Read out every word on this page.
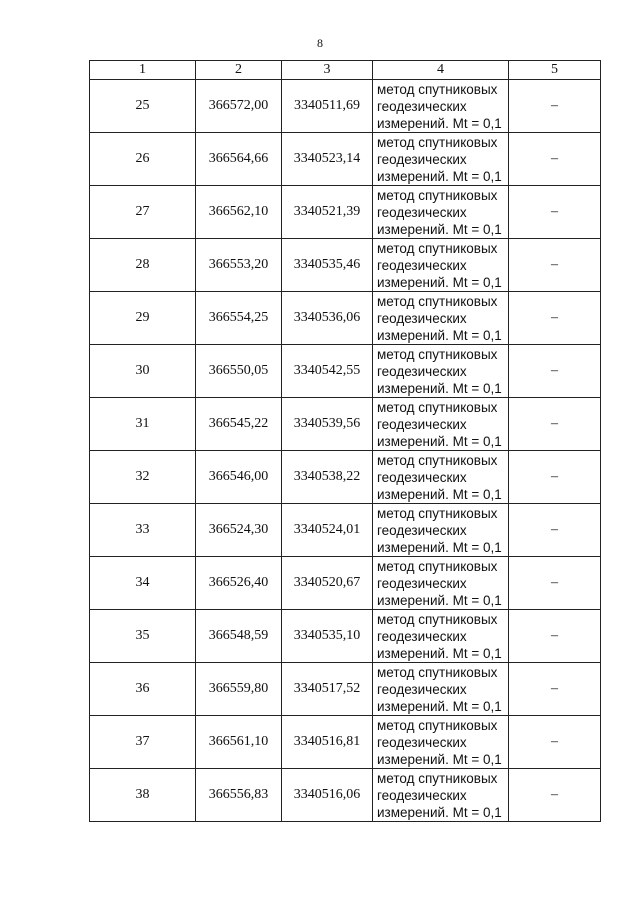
8
1	2	3	4	5
25	366572,00	3340511,69	метод спутниковых
геодезических
измерений. Mt = 0,1	–
26	366564,66	3340523,14	метод спутниковых
геодезических
измерений. Mt = 0,1	–
27	366562,10	3340521,39	метод спутниковых
геодезических
измерений. Mt = 0,1	–
28	366553,20	3340535,46	метод спутниковых
геодезических
измерений. Mt = 0,1	–
29	366554,25	3340536,06	метод спутниковых
геодезических
измерений. Mt = 0,1	–
30	366550,05	3340542,55	метод спутниковых
геодезических
измерений. Mt = 0,1	–
31	366545,22	3340539,56	метод спутниковых
геодезических
измерений. Mt = 0,1	–
32	366546,00	3340538,22	метод спутниковых
геодезических
измерений. Mt = 0,1	–
33	366524,30	3340524,01	метод спутниковых
геодезических
измерений. Mt = 0,1	–
34	366526,40	3340520,67	метод спутниковых
геодезических
измерений. Mt = 0,1	–
35	366548,59	3340535,10	метод спутниковых
геодезических
измерений. Mt = 0,1	–
36	366559,80	3340517,52	метод спутниковых
геодезических
измерений. Mt = 0,1	–
37	366561,10	3340516,81	метод спутниковых
геодезических
измерений. Mt = 0,1	–
38	366556,83	3340516,06	метод спутниковых
геодезических
измерений. Mt = 0,1	–
